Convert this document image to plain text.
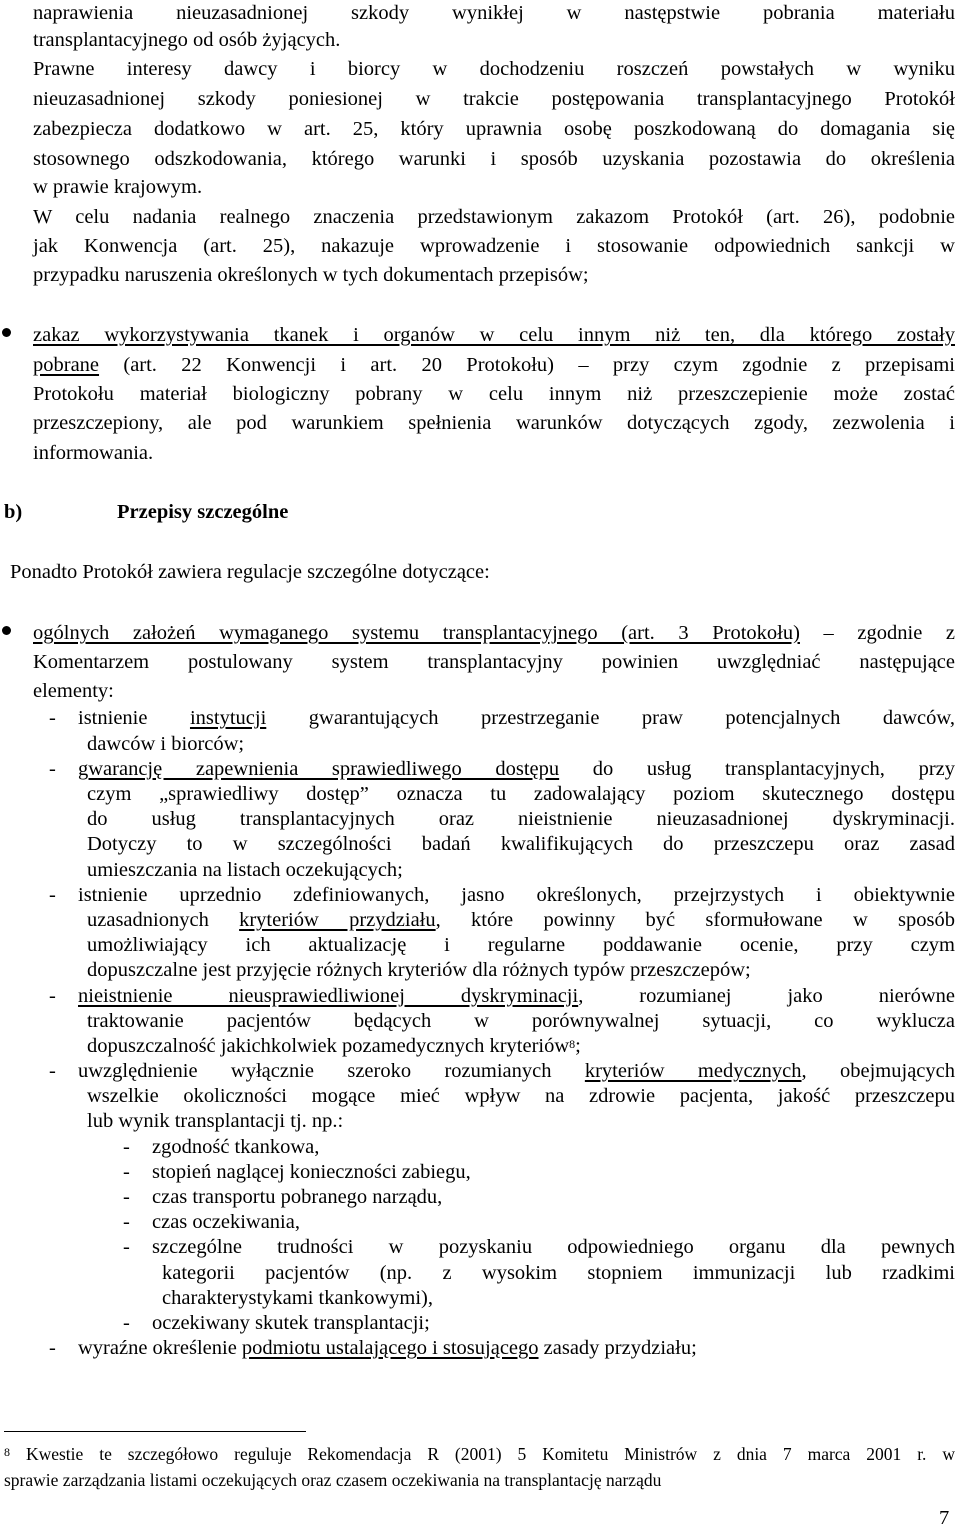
naprawienia nieuzasadnionej szkody wynikłej w następstwie pobrania materiału
transplantacyjnego od osób żyjących.
Prawne interesy dawcy i biorcy w dochodzeniu roszczeń powstałych w wyniku
nieuzasadnionej szkody poniesionej w trakcie postępowania transplantacyjnego Protokół
zabezpiecza dodatkowo w art. 25, który uprawnia osobę poszkodowaną do domagania się
stosownego odszkodowania, którego warunki i sposób uzyskania pozostawia do określenia
w prawie krajowym.
W celu nadania realnego znaczenia przedstawionym zakazom Protokół (art. 26), podobnie
jak Konwencja (art. 25), nakazuje wprowadzenie i stosowanie odpowiednich sankcji w
przypadku naruszenia określonych w tych dokumentach przepisów;
zakaz wykorzystywania tkanek i organów w celu innym niż ten, dla którego zostały
pobrane (art. 22 Konwencji i art. 20 Protokołu) – przy czym zgodnie z przepisami
Protokołu materiał biologiczny pobrany w celu innym niż przeszczepienie może zostać
przeszczepiony, ale pod warunkiem spełnienia warunków dotyczących zgody, zezwolenia i
informowania.
b)	Przepisy szczególne
Ponadto Protokół zawiera regulacje szczególne dotyczące:
ogólnych założeń wymaganego systemu transplantacyjnego (art. 3 Protokołu) – zgodnie z
Komentarzem postulowany system transplantacyjny powinien uwzględniać następujące
elementy:
- istnienie instytucji gwarantujących przestrzeganie praw potencjalnych dawców,
dawców i biorców;
- gwarancję zapewnienia sprawiedliwego dostępu do usług transplantacyjnych, przy
czym „sprawiedliwy dostęp” oznacza tu zadowalający poziom skutecznego dostępu
do usług transplantacyjnych oraz nieistnienie nieuzasadnionej dyskryminacji.
Dotyczy to w szczególności badań kwalifikujących do przeszczepu oraz zasad
umieszczania na listach oczekujących;
- istnienie uprzednio zdefiniowanych, jasno określonych, przejrzystych i obiektywnie
uzasadnionych kryteriów przydziału, które powinny być sformułowane w sposób
umożliwiający ich aktualizację i regularne poddawanie ocenie, przy czym
dopuszczalne jest przyjęcie różnych kryteriów dla różnych typów przeszczepów;
- nieistnienie nieusprawiedliwionej dyskryminacji, rozumianej jako nierówne
traktowanie pacjentów będących w porównywalnej sytuacji, co wyklucza
dopuszczalność jakichkolwiek pozamedycznych kryteriów$^8$;
- uwzględnienie wyłącznie szeroko rozumianych kryteriów medycznych, obejmujących
wszelkie okoliczności mogące mieć wpływ na zdrowie pacjenta, jakość przeszczepu
lub wynik transplantacji tj. np.:
- zgodność tkankowa,
- stopień naglącej konieczności zabiegu,
- czas transportu pobranego narządu,
- czas oczekiwania,
- szczególne trudności w pozyskaniu odpowiedniego organu dla pewnych
kategorii pacjentów (np. z wysokim stopniem immunizacji lub rzadkimi
charakterystykami tkankowymi),
- oczekiwany skutek transplantacji;
- wyraźne określenie podmiotu ustalającego i stosującego zasady przydziału;
$^8$ Kwestie te szczegółowo reguluje Rekomendacja R (2001) 5 Komitetu Ministrów z dnia 7 marca 2001 r. w
sprawie zarządzania listami oczekujących oraz czasem oczekiwania na transplantację narządu
7
